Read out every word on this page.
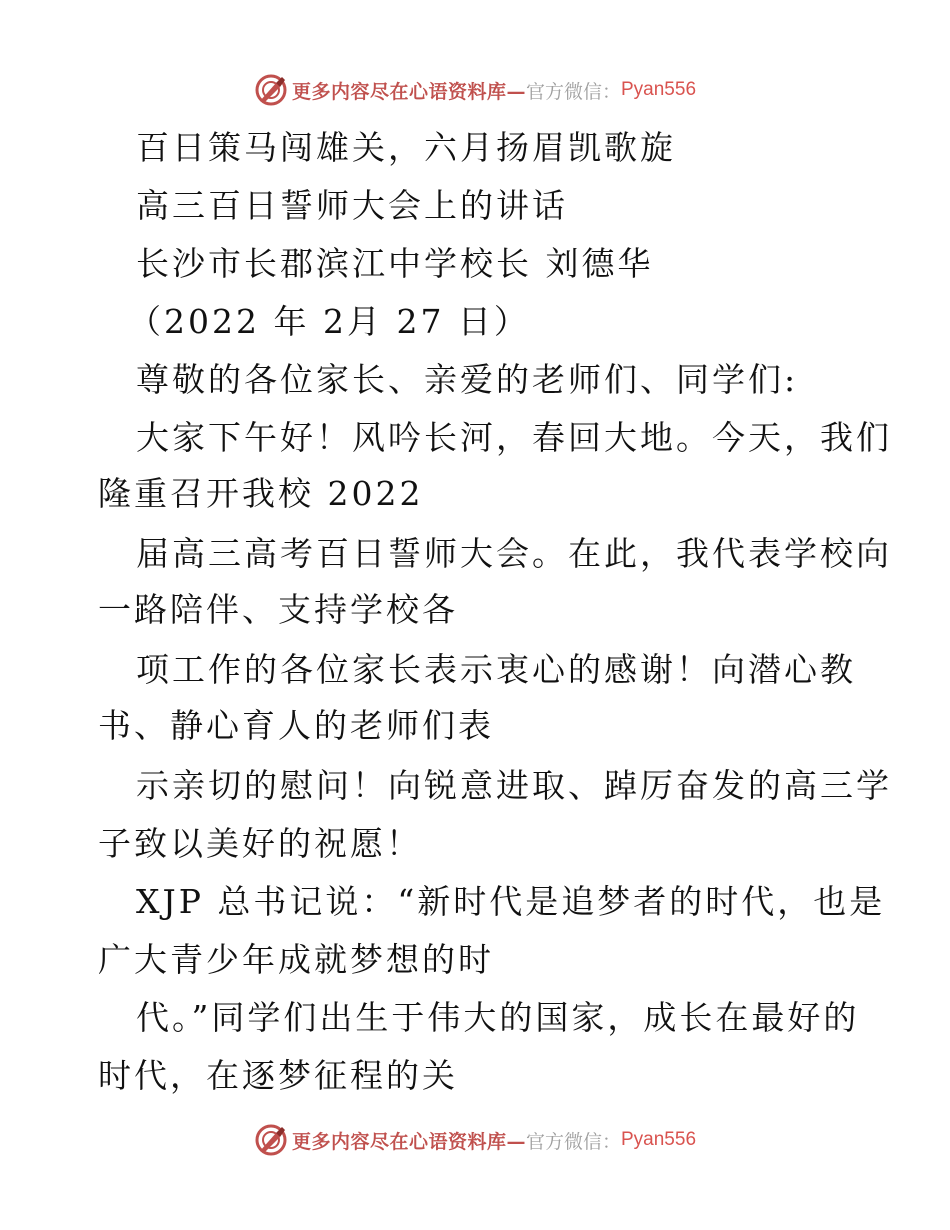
更多内容尽在心语资料库— 官方微信： Pyan556
百日策马闯雄关，六月扬眉凯歌旋
高三百日誓师大会上的讲话
长沙市长郡滨江中学校长 刘德华
（2022 年 2月 27 日）
尊敬的各位家长、亲爱的老师们、同学们:
大家下午好！风吟长河，春回大地。今天，我们
隆重召开我校 2022
届高三高考百日誓师大会。在此，我代表学校向
一路陪伴、支持学校各
项工作的各位家长表示衷心的感谢！向潜心教
书、静心育人的老师们表
示亲切的慰问！向锐意进取、踔厉奋发的高三学
子致以美好的祝愿！
XJP 总书记说：“新时代是追梦者的时代，也是
广大青少年成就梦想的时
代。”同学们出生于伟大的国家，成长在最好的
时代，在逐梦征程的关
更多内容尽在心语资料库— 官方微信： Pyan556
